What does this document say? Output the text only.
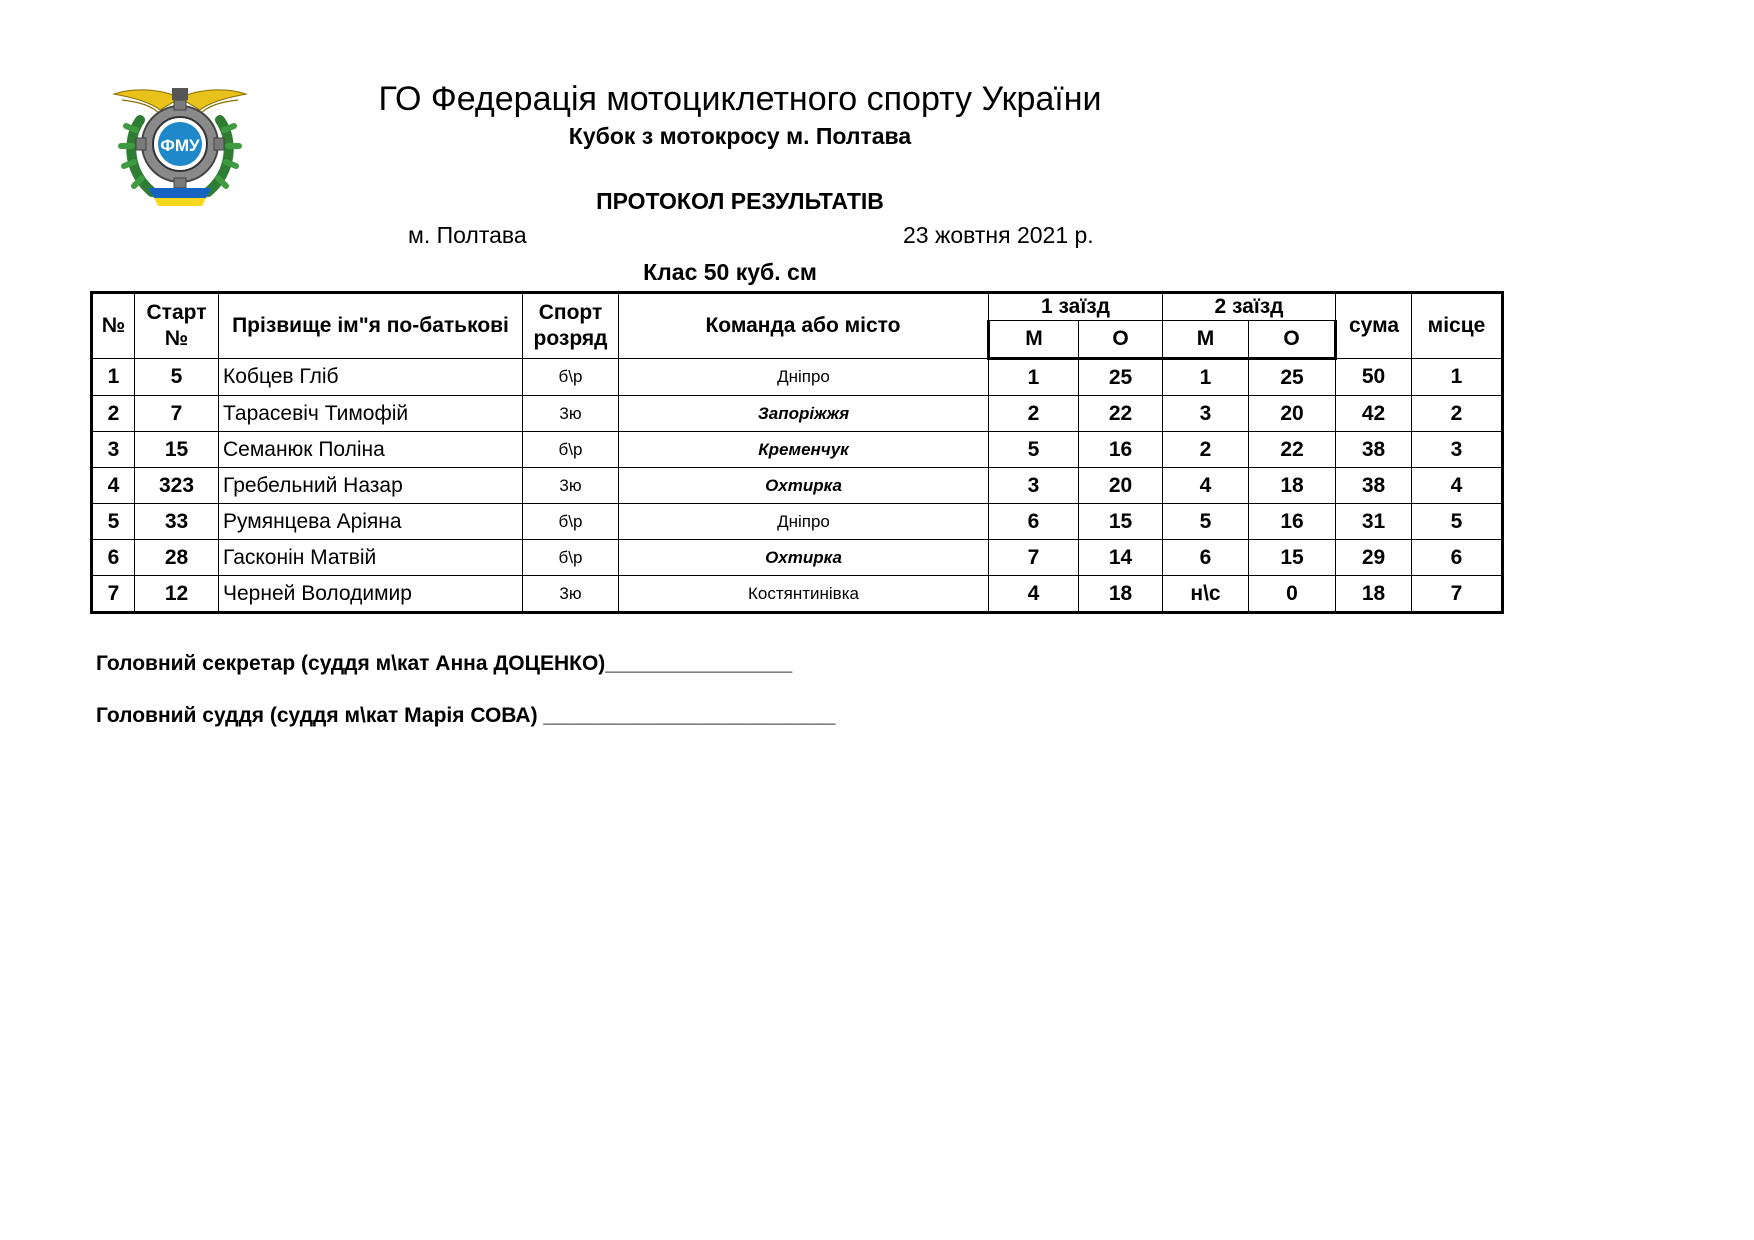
ФМУ
ГО Федерація мотоциклетного спорту України
Кубок з мотокросу м. Полтава
ПРОТОКОЛ РЕЗУЛЬТАТІВ
м. Полтава	23 жовтня 2021 р.
Клас 50 куб. см
№	Старт №	Прізвище ім"я по-батькові	Спорт розряд	Команда або місто	1 заїзд		2 заїзд		сума	місце
					М	О	М	О		
1	5	Кобцев Гліб	б\р	Дніпро	1	25	1	25	50	1
2	7	Тарасевіч Тимофій	3ю	Запоріжжя	2	22	3	20	42	2
3	15	Семанюк Поліна	б\р	Кременчук	5	16	2	22	38	3
4	323	Гребельний Назар	3ю	Охтирка	3	20	4	18	38	4
5	33	Румянцева Аріяна	б\р	Дніпро	6	15	5	16	31	5
6	28	Гасконін Матвій	б\р	Охтирка	7	14	6	15	29	6
7	12	Черней Володимир	3ю	Костянтинівка	4	18	н\с	0	18	7
Головний секретар (суддя м\кат Анна ДОЦЕНКО)________________
Головний суддя (суддя м\кат Марія СОВА) _________________________
